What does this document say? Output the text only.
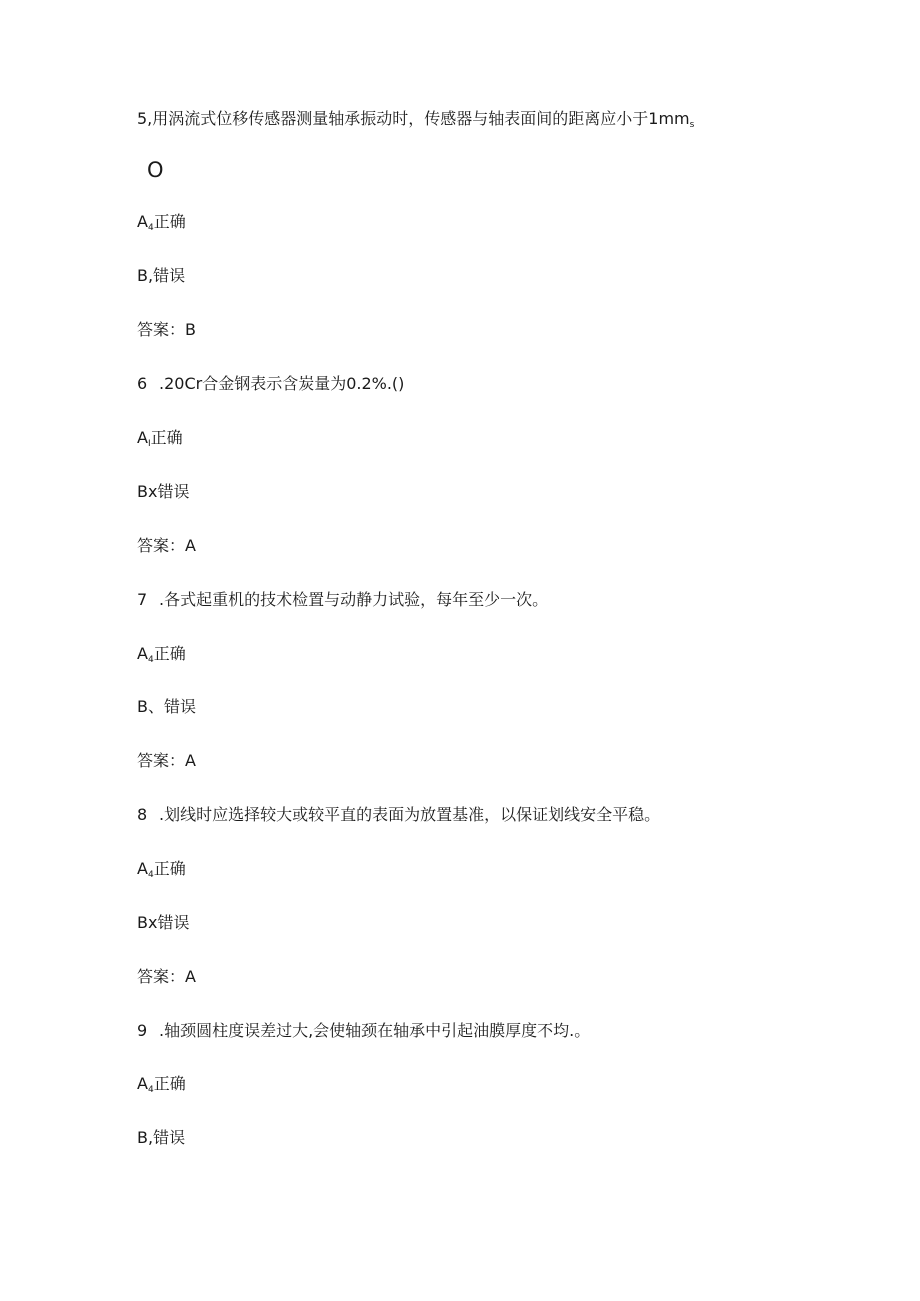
5,用涡流式位移传感器测量轴承振动时，传感器与轴表面间的距离应小于$1mm_s$
O
$A_4$正确
B,错误
答案：B
6 .20Cr合金钢表示含炭量为0.2%.()
$A_I$正确
Bx错误
答案：A
7 .各式起重机的技术检置与动静力试验，每年至少一次。
$A_4$正确
B、错误
答案：A
8 .划线时应选择较大或较平直的表面为放置基准，以保证划线安全平稳。
$A_4$正确
Bx错误
答案：A
9 .轴颈圆柱度误差过大,会使轴颈在轴承中引起油膜厚度不均.。
$A_4$正确
B,错误
